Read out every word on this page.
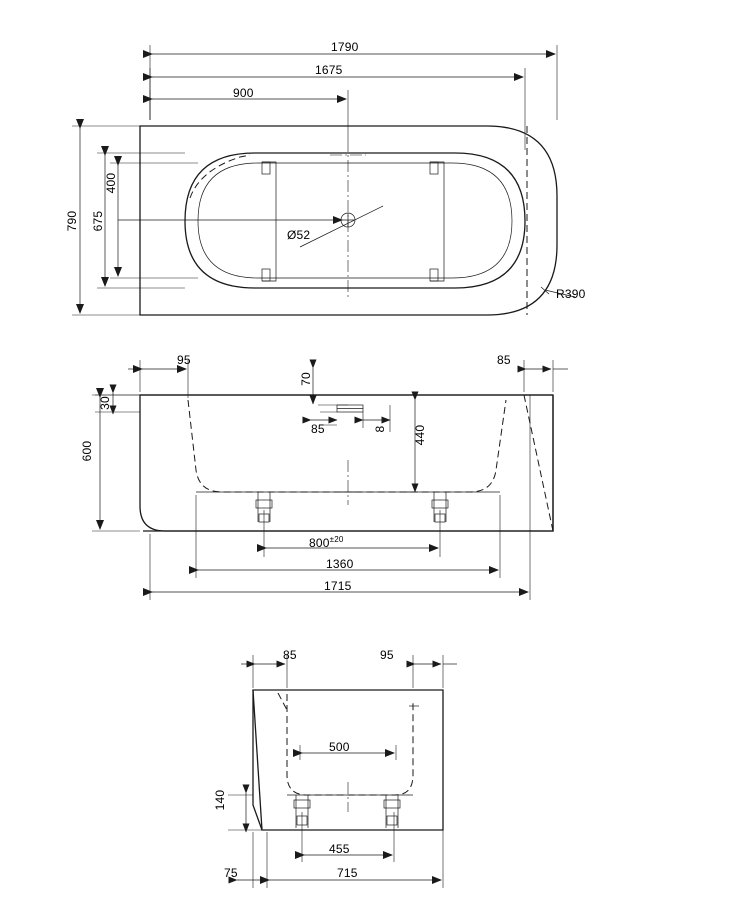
1790
1675
900
790 675
400
Ø52
R390
95	85
70
30
600
85	8 440
$800^{\pm 20}$
1360
1715
85	95
500
140
455
715
75
